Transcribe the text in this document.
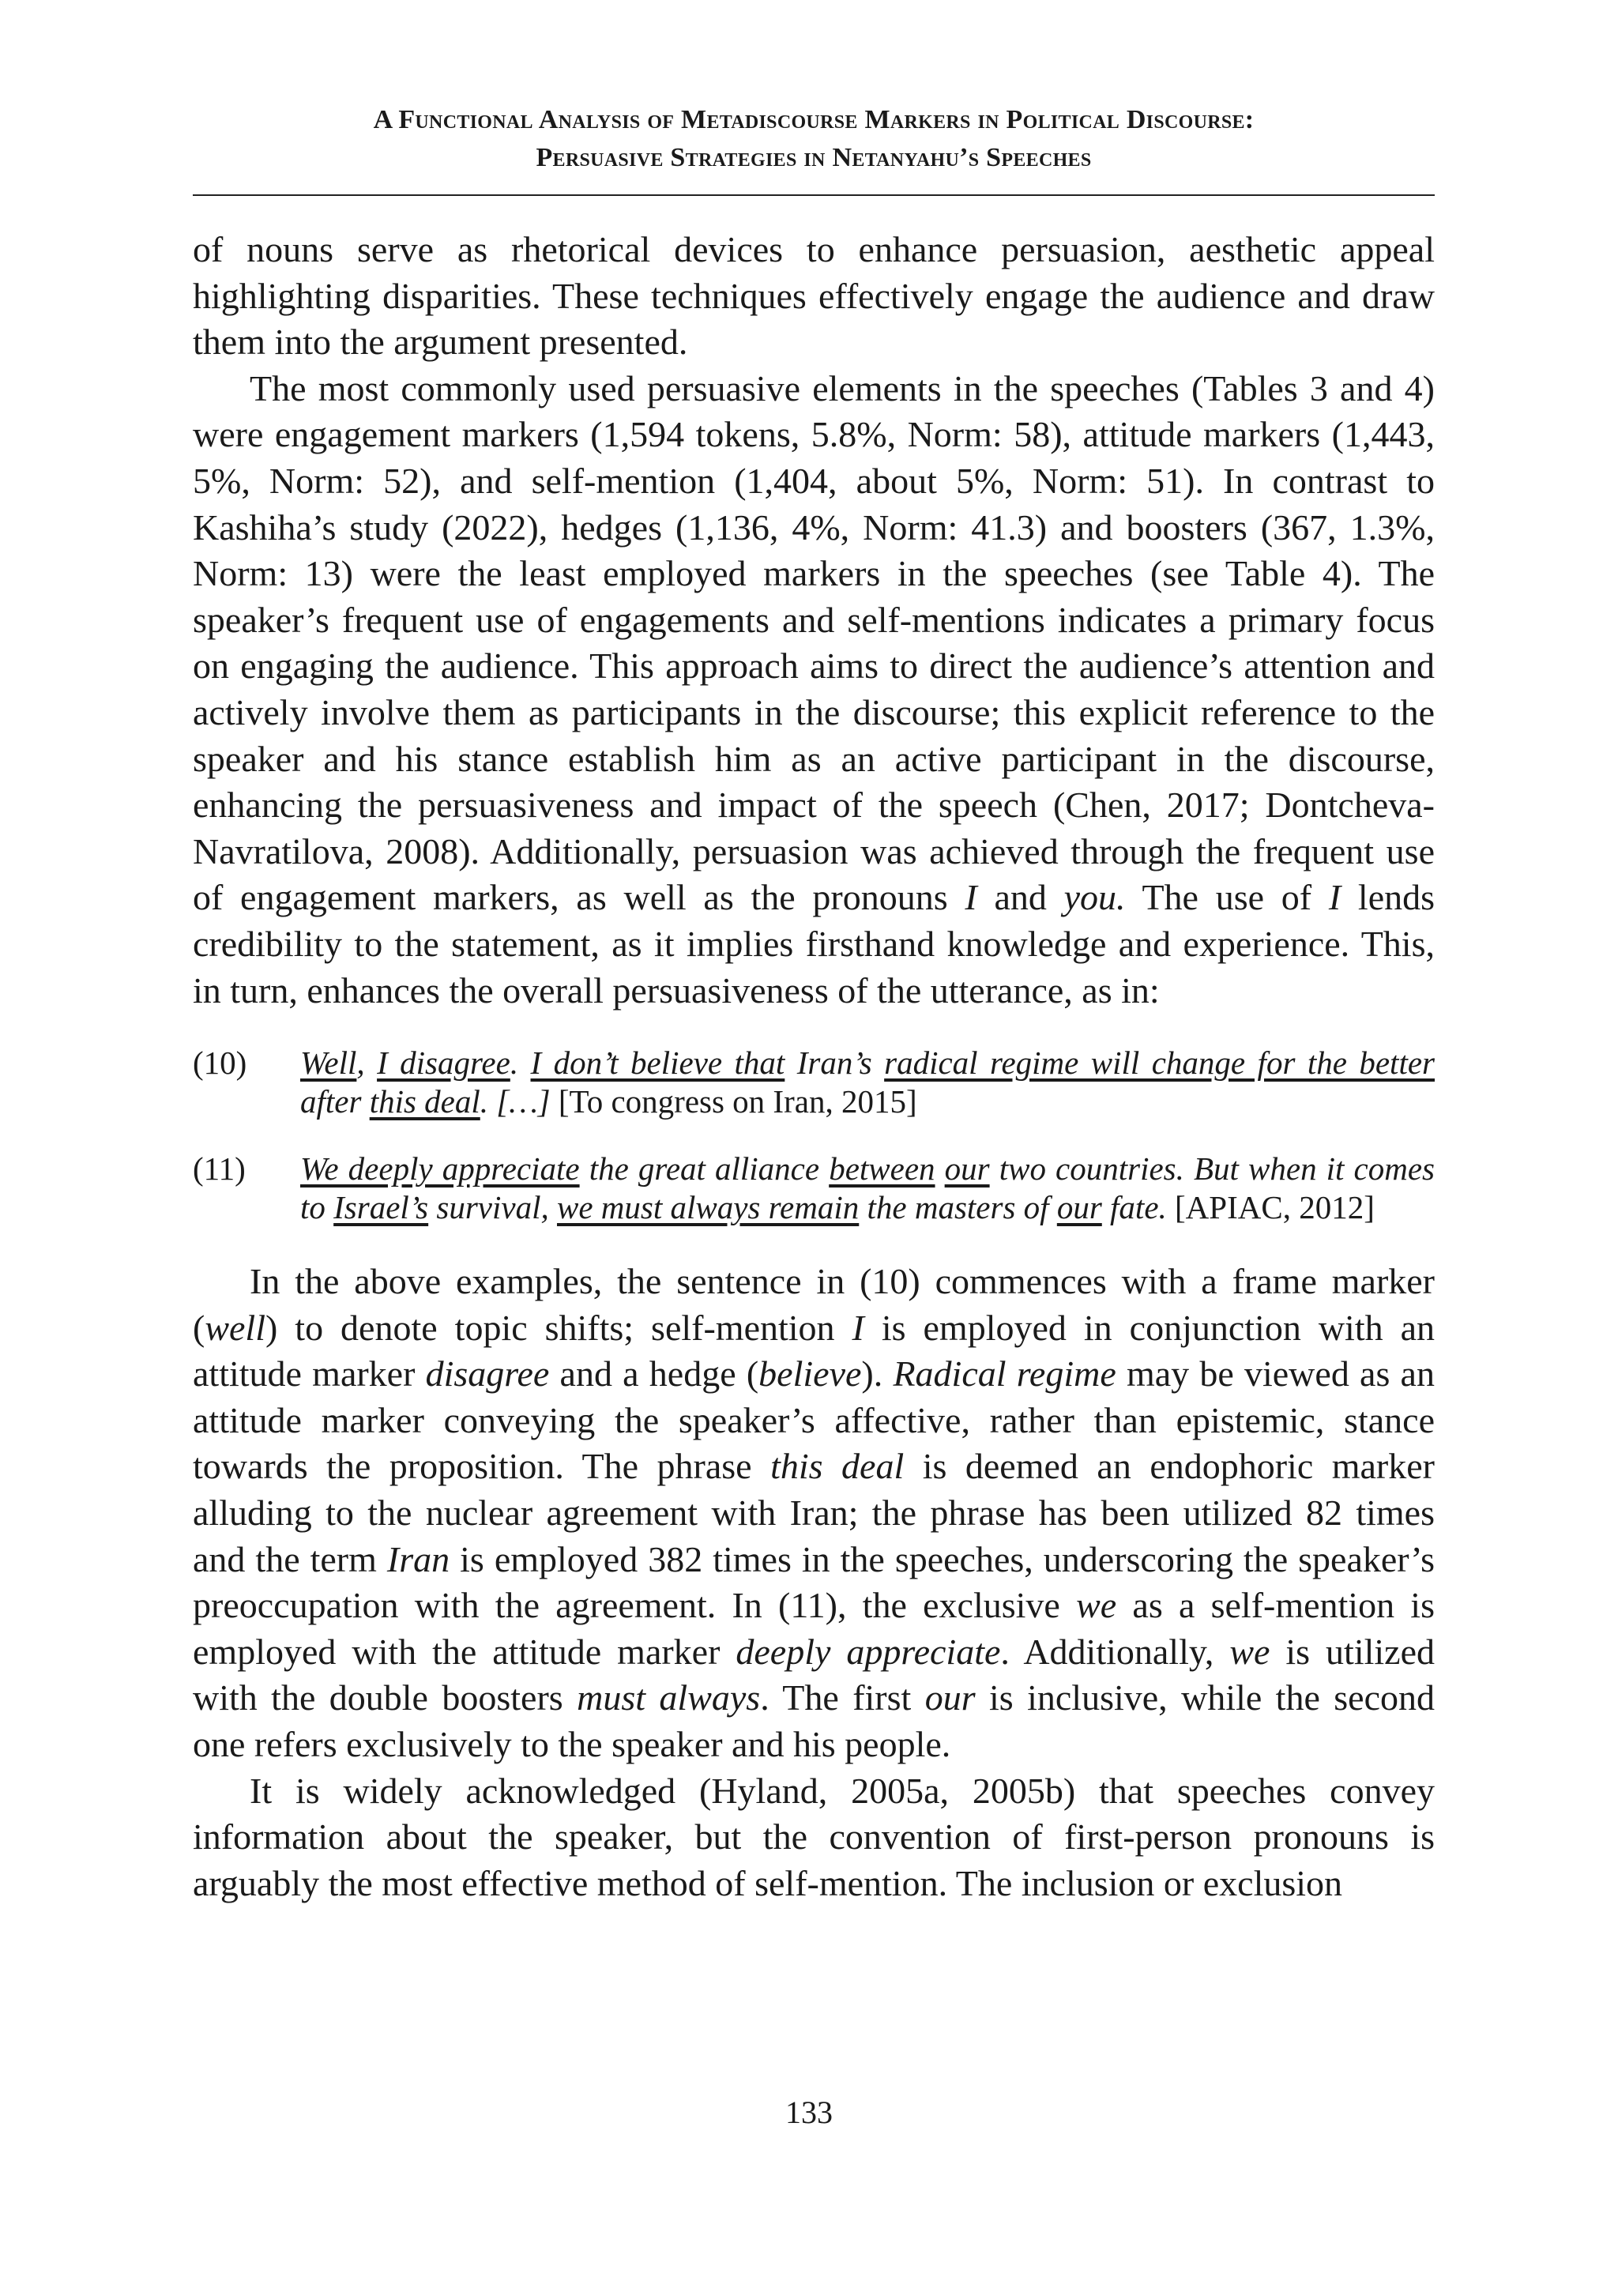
A Functional Analysis of Metadiscourse Markers in Political Discourse:
Persuasive Strategies in Netanyahu’s Speeches

of nouns serve as rhetorical devices to enhance persuasion, aesthetic appeal highlighting disparities. These techniques effectively engage the audience and draw them into the argument presented.

The most commonly used persuasive elements in the speeches (Tables 3 and 4) were engagement markers (1,594 tokens, 5.8%, Norm: 58), attitude markers (1,443, 5%, Norm: 52), and self-mention (1,404, about 5%, Norm: 51). In contrast to Kashiha’s study (2022), hedges (1,136, 4%, Norm: 41.3) and boosters (367, 1.3%, Norm: 13) were the least employed markers in the speeches (see Table 4). The speaker’s frequent use of engagements and self-mentions indicates a primary focus on engaging the audience. This approach aims to direct the audience’s attention and actively involve them as participants in the discourse; this explicit reference to the speaker and his stance establish him as an active participant in the discourse, enhancing the persuasiveness and impact of the speech (Chen, 2017; Dontcheva-Navratilova, 2008). Additionally, persuasion was achieved through the frequent use of engagement markers, as well as the pronouns I and you. The use of I lends credibility to the statement, as it implies firsthand knowledge and experience. This, in turn, enhances the overall persuasiveness of the utterance, as in:

(10)	Well, I disagree. I don’t believe that Iran’s radical regime will change for the better after this deal. […] [To congress on Iran, 2015]
(11)	We deeply appreciate the great alliance between our two countries. But when it comes to Israel’s survival, we must always remain the masters of our fate. [APIAC, 2012]

In the above examples, the sentence in (10) commences with a frame marker (well) to denote topic shifts; self-mention I is employed in conjunction with an attitude marker disagree and a hedge (believe). Radical regime may be viewed as an attitude marker conveying the speaker’s affective, rather than epistemic, stance towards the proposition. The phrase this deal is deemed an endophoric marker alluding to the nuclear agreement with Iran; the phrase has been utilized 82 times and the term Iran is employed 382 times in the speeches, underscoring the speaker’s preoccupation with the agreement. In (11), the exclusive we as a self-mention is employed with the attitude marker deeply appreciate. Additionally, we is utilized with the double boosters must always. The first our is inclusive, while the second one refers exclusively to the speaker and his people.

It is widely acknowledged (Hyland, 2005a, 2005b) that speeches convey information about the speaker, but the convention of first-person pronouns is arguably the most effective method of self-mention. The inclusion or exclusion

133
